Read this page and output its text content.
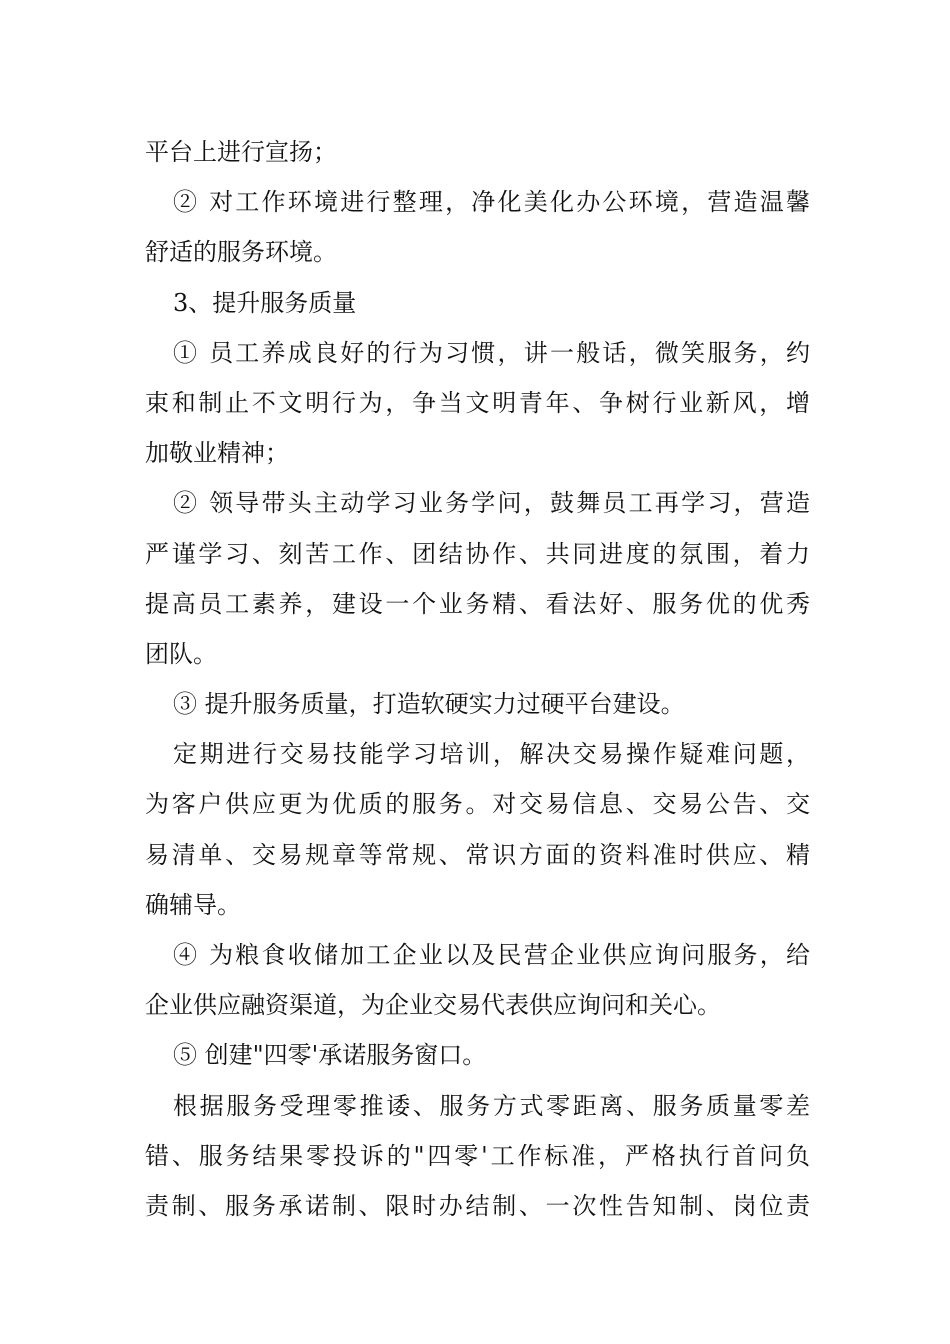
平台上进行宣扬；
② 对工作环境进行整理，净化美化办公环境，营造温馨
舒适的服务环境。
3、提升服务质量
① 员工养成良好的行为习惯，讲一般话，微笑服务，约
束和制止不文明行为，争当文明青年、争树行业新风，增
加敬业精神；
② 领导带头主动学习业务学问，鼓舞员工再学习，营造
严谨学习、刻苦工作、团结协作、共同进度的氛围，着力
提高员工素养，建设一个业务精、看法好、服务优的优秀
团队。
③ 提升服务质量，打造软硬实力过硬平台建设。
定期进行交易技能学习培训，解决交易操作疑难问题，
为客户供应更为优质的服务。对交易信息、交易公告、交
易清单、交易规章等常规、常识方面的资料准时供应、精
确辅导。
④ 为粮食收储加工企业以及民营企业供应询问服务，给
企业供应融资渠道，为企业交易代表供应询问和关心。
⑤ 创建"四零'承诺服务窗口。
根据服务受理零推诿、服务方式零距离、服务质量零差
错、服务结果零投诉的"四零'工作标准，严格执行首问负
责制、服务承诺制、限时办结制、一次性告知制、岗位责
